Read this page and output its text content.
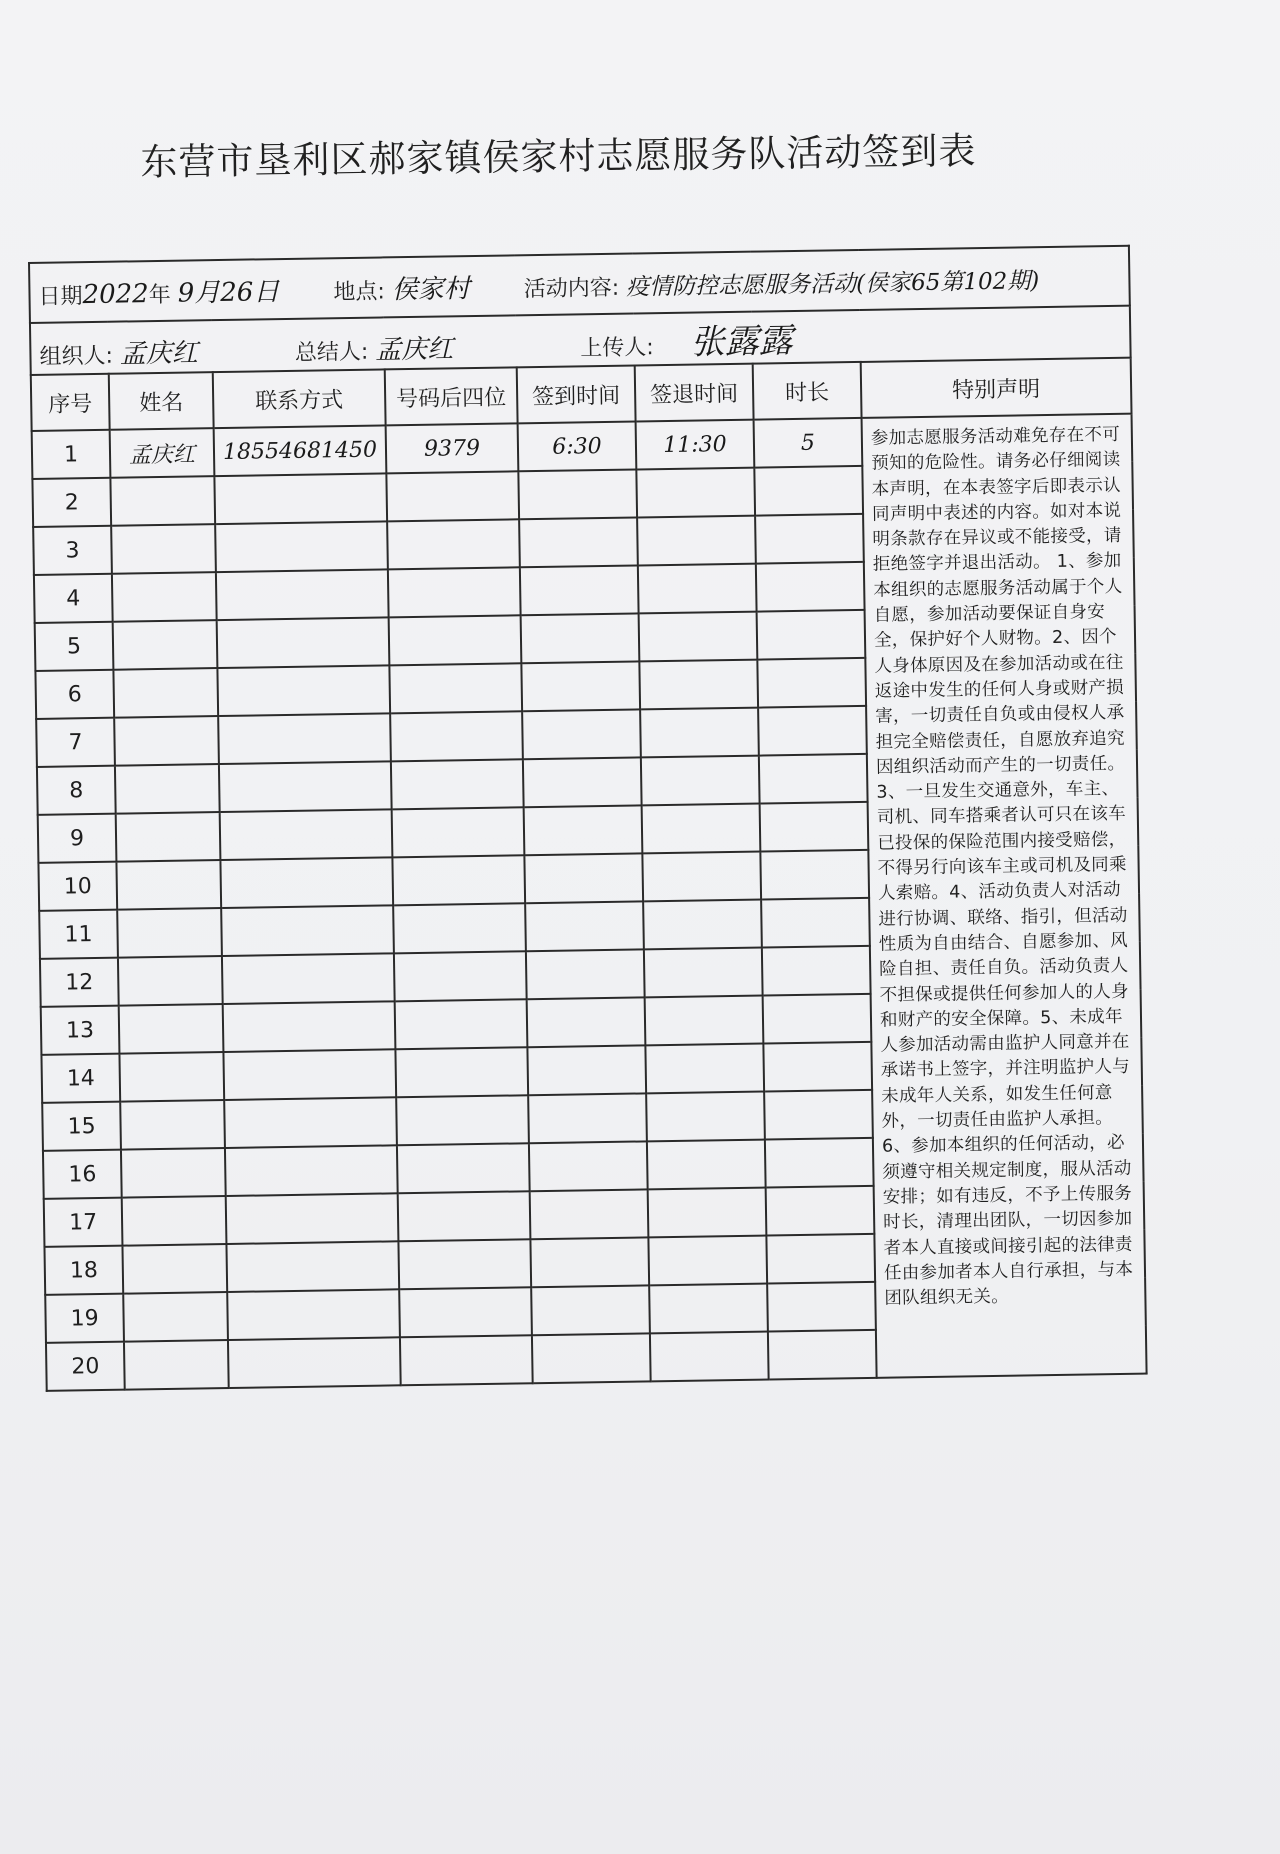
东营市垦利区郝家镇侯家村志愿服务队活动签到表
日期2022年 9月26日 地点: 侯家村 活动内容: 疫情防控志愿服务活动(侯家65第102期)							

组织人: 孟庆红 总结人: 孟庆红 上传人: 张露露							

序号	姓名	联系方式	号码后四位	签到时间	签退时间	时长	特别声明
1	孟庆红	18554681450	9379	6:30	11:30	5	参加志愿服务活动难免存在不可预知的危险性。请务必仔细阅读本声明，在本表签字后即表示认同声明中表述的内容。如对本说明条款存在异议或不能接受，请拒绝签字并退出活动。 1、参加本组织的志愿服务活动属于个人自愿，参加活动要保证自身安全，保护好个人财物。2、因个人身体原因及在参加活动或在往返途中发生的任何人身或财产损害，一切责任自负或由侵权人承担完全赔偿责任，自愿放弃追究因组织活动而产生的一切责任。3、一旦发生交通意外，车主、司机、同车搭乘者认可只在该车已投保的保险范围内接受赔偿，不得另行向该车主或司机及同乘人索赔。4、活动负责人对活动进行协调、联络、指引，但活动性质为自由结合、自愿参加、风险自担、责任自负。活动负责人不担保或提供任何参加人的人身和财产的安全保障。5、未成年人参加活动需由监护人同意并在承诺书上签字，并注明监护人与未成年人关系，如发生任何意外，一切责任由监护人承担。6、参加本组织的任何活动，必须遵守相关规定制度，服从活动安排；如有违反，不予上传服务时长，清理出团队，一切因参加者本人直接或间接引起的法律责任由参加者本人自行承担，与本团队组织无关。

2							
3							
4							
5							
6							
7							
8							
9							
10							
11							
12							
13							
14							
15							
16							
17							
18							
19							
20							
